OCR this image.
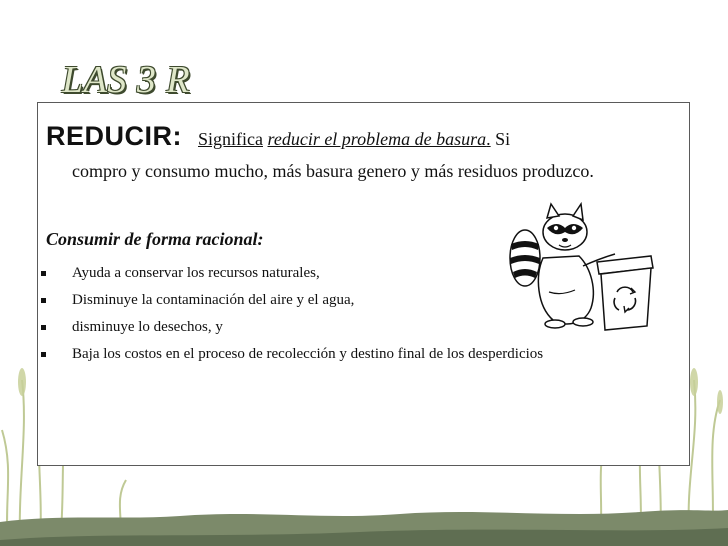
LAS 3 R

REDUCIR: Significa reducir el problema de basura. Si

compro y consumo mucho, más basura genero y más residuos produzco.

Consumir de forma racional:

Ayuda a conservar los recursos naturales,
Disminuye la contaminación del aire y el agua,
disminuye lo desechos, y
Baja los costos en el proceso de recolección y destino final de los desperdicios
